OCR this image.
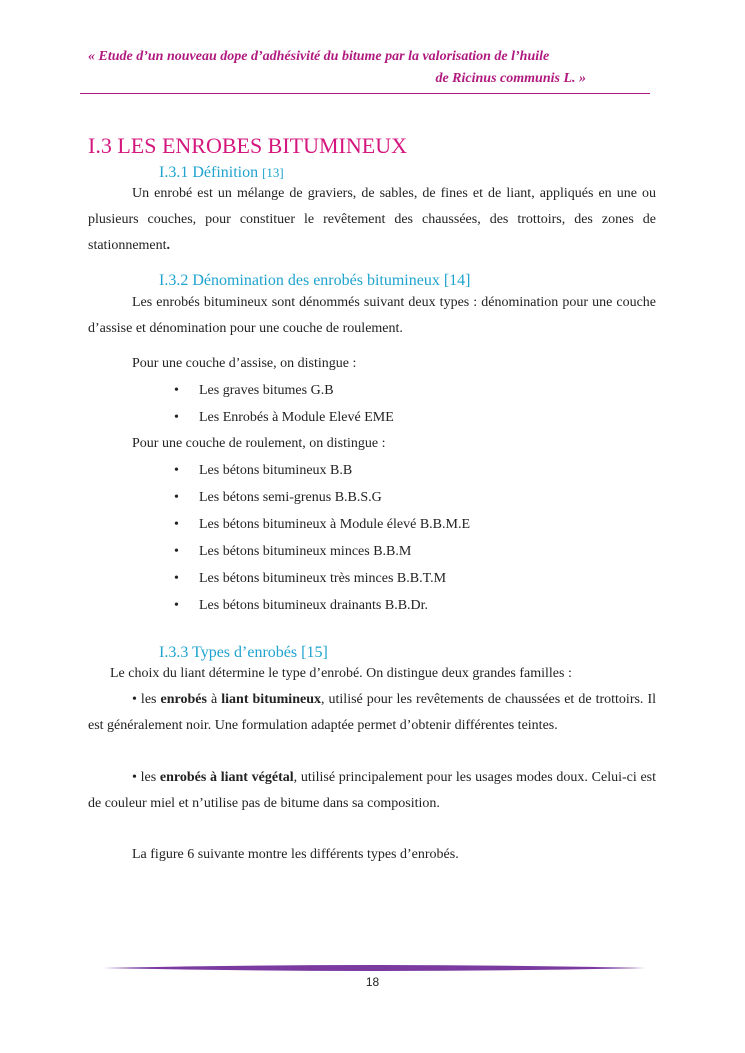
« Etude d’un nouveau dope d’adhésivité du bitume par la valorisation de l’huile
de Ricinus communis L. »
I.3 LES ENROBES BITUMINEUX
I.3.1 Définition [13]
Un enrobé est un mélange de graviers, de sables, de fines et de liant, appliqués en une ou plusieurs couches, pour constituer le revêtement des chaussées, des trottoirs, des zones de stationnement.
I.3.2 Dénomination des enrobés bitumineux [14]
Les enrobés bitumineux sont dénommés suivant deux types : dénomination pour une couche d’assise et dénomination pour une couche de roulement.
Pour une couche d’assise, on distingue :
•	Les graves bitumes G.B
•	Les Enrobés à Module Elevé EME
Pour une couche de roulement, on distingue :
•	Les bétons bitumineux B.B
•	Les bétons semi-grenus B.B.S.G
•	Les bétons bitumineux à Module élevé B.B.M.E
•	Les bétons bitumineux minces B.B.M
•	Les bétons bitumineux très minces B.B.T.M
•	Les bétons bitumineux drainants B.B.Dr.
I.3.3 Types d’enrobés [15]
Le choix du liant détermine le type d’enrobé. On distingue deux grandes familles :
• les enrobés à liant bitumineux, utilisé pour les revêtements de chaussées et de trottoirs. Il est généralement noir. Une formulation adaptée permet d’obtenir différentes teintes.
• les enrobés à liant végétal, utilisé principalement pour les usages modes doux. Celui-ci est de couleur miel et n’utilise pas de bitume dans sa composition.
La figure 6 suivante montre les différents types d’enrobés.
18
